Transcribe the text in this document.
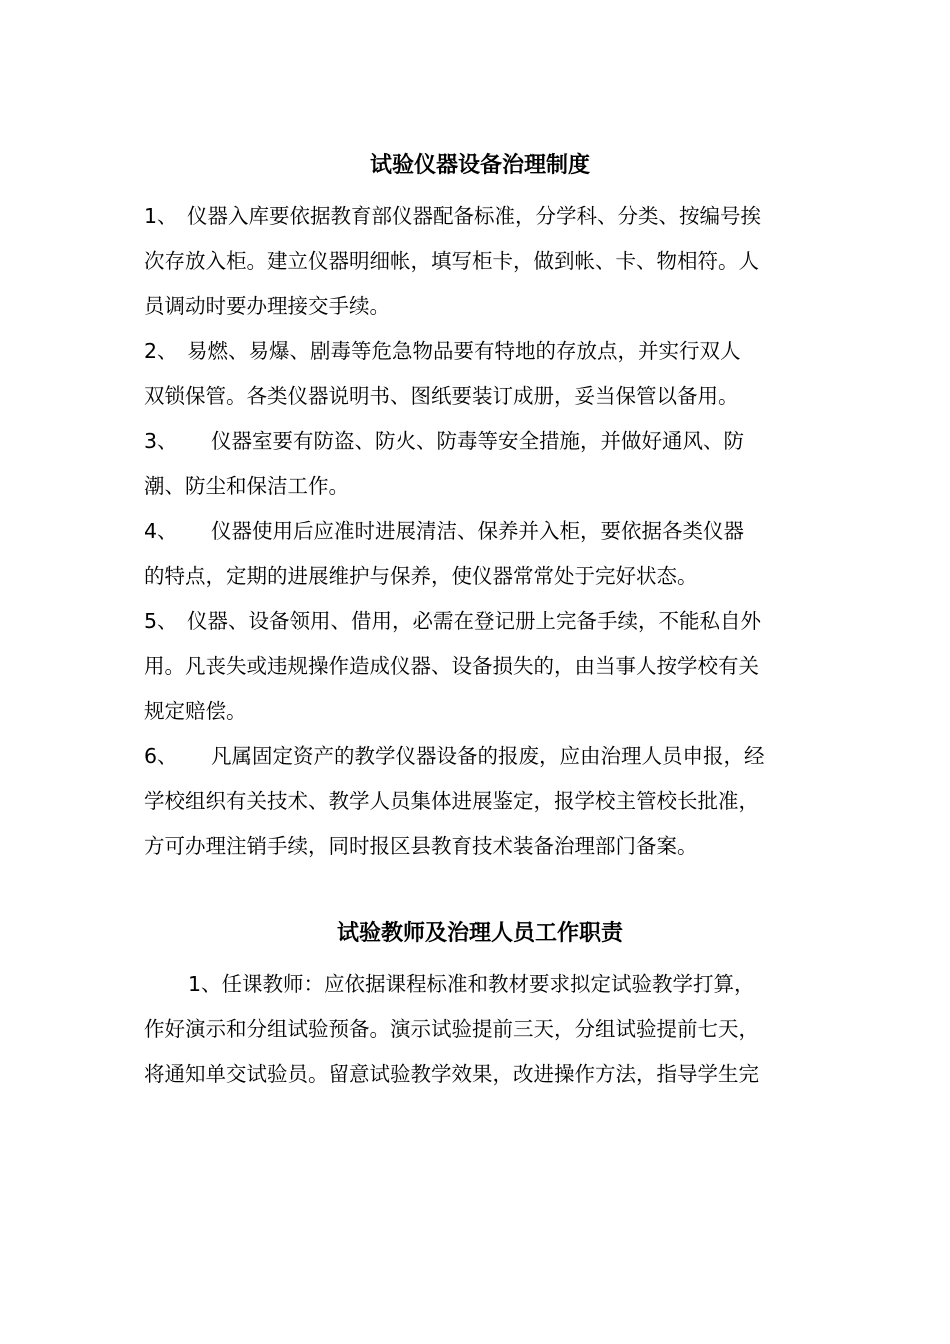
试验仪器设备治理制度
1、 仪器入库要依据教育部仪器配备标准，分学科、分类、按编号挨
次存放入柜。建立仪器明细帐，填写柜卡，做到帐、卡、物相符。人
员调动时要办理接交手续。
2、 易燃、易爆、剧毒等危急物品要有特地的存放点，并实行双人
双锁保管。各类仪器说明书、图纸要装订成册，妥当保管以备用。
3、 仪器室要有防盗、防火、防毒等安全措施，并做好通风、防
潮、防尘和保洁工作。
4、 仪器使用后应准时进展清洁、保养并入柜，要依据各类仪器
的特点，定期的进展维护与保养，使仪器常常处于完好状态。
5、 仪器、设备领用、借用，必需在登记册上完备手续，不能私自外
用。凡丧失或违规操作造成仪器、设备损失的，由当事人按学校有关
规定赔偿。
6、 凡属固定资产的教学仪器设备的报废，应由治理人员申报，经
学校组织有关技术、教学人员集体进展鉴定，报学校主管校长批准，
方可办理注销手续，同时报区县教育技术装备治理部门备案。
试验教师及治理人员工作职责
1、任课教师：应依据课程标准和教材要求拟定试验教学打算，
作好演示和分组试验预备。演示试验提前三天，分组试验提前七天，
将通知单交试验员。留意试验教学效果，改进操作方法，指导学生完
